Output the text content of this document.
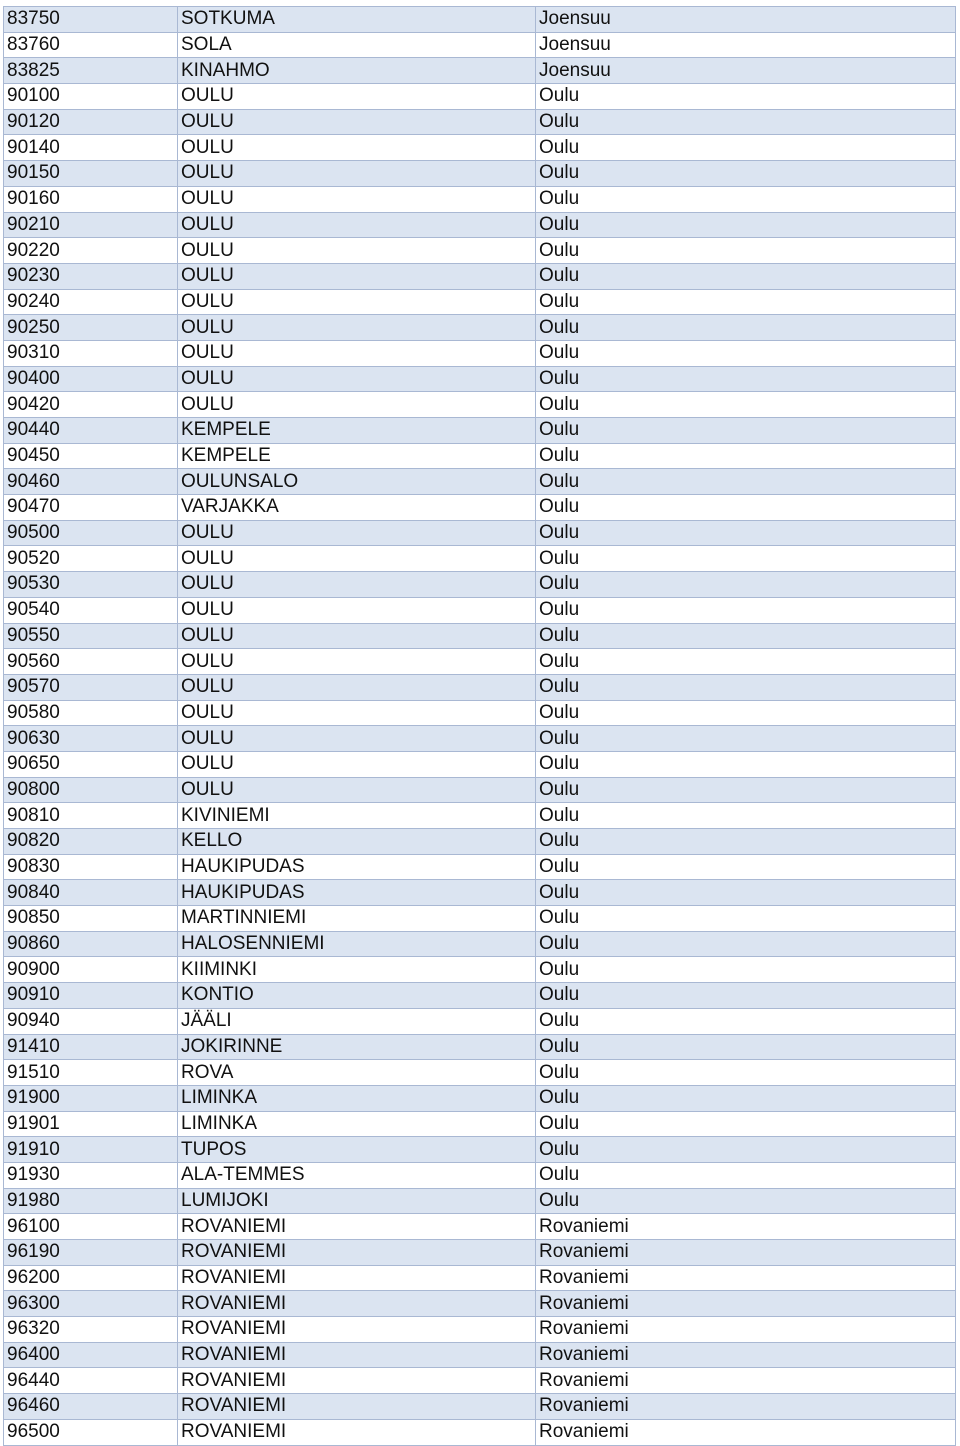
83750	SOTKUMA	Joensuu
83760	SOLA	Joensuu
83825	KINAHMO	Joensuu
90100	OULU	Oulu
90120	OULU	Oulu
90140	OULU	Oulu
90150	OULU	Oulu
90160	OULU	Oulu
90210	OULU	Oulu
90220	OULU	Oulu
90230	OULU	Oulu
90240	OULU	Oulu
90250	OULU	Oulu
90310	OULU	Oulu
90400	OULU	Oulu
90420	OULU	Oulu
90440	KEMPELE	Oulu
90450	KEMPELE	Oulu
90460	OULUNSALO	Oulu
90470	VARJAKKA	Oulu
90500	OULU	Oulu
90520	OULU	Oulu
90530	OULU	Oulu
90540	OULU	Oulu
90550	OULU	Oulu
90560	OULU	Oulu
90570	OULU	Oulu
90580	OULU	Oulu
90630	OULU	Oulu
90650	OULU	Oulu
90800	OULU	Oulu
90810	KIVINIEMI	Oulu
90820	KELLO	Oulu
90830	HAUKIPUDAS	Oulu
90840	HAUKIPUDAS	Oulu
90850	MARTINNIEMI	Oulu
90860	HALOSENNIEMI	Oulu
90900	KIIMINKI	Oulu
90910	KONTIO	Oulu
90940	JÄÄLI	Oulu
91410	JOKIRINNE	Oulu
91510	ROVA	Oulu
91900	LIMINKA	Oulu
91901	LIMINKA	Oulu
91910	TUPOS	Oulu
91930	ALA-TEMMES	Oulu
91980	LUMIJOKI	Oulu
96100	ROVANIEMI	Rovaniemi
96190	ROVANIEMI	Rovaniemi
96200	ROVANIEMI	Rovaniemi
96300	ROVANIEMI	Rovaniemi
96320	ROVANIEMI	Rovaniemi
96400	ROVANIEMI	Rovaniemi
96440	ROVANIEMI	Rovaniemi
96460	ROVANIEMI	Rovaniemi
96500	ROVANIEMI	Rovaniemi
